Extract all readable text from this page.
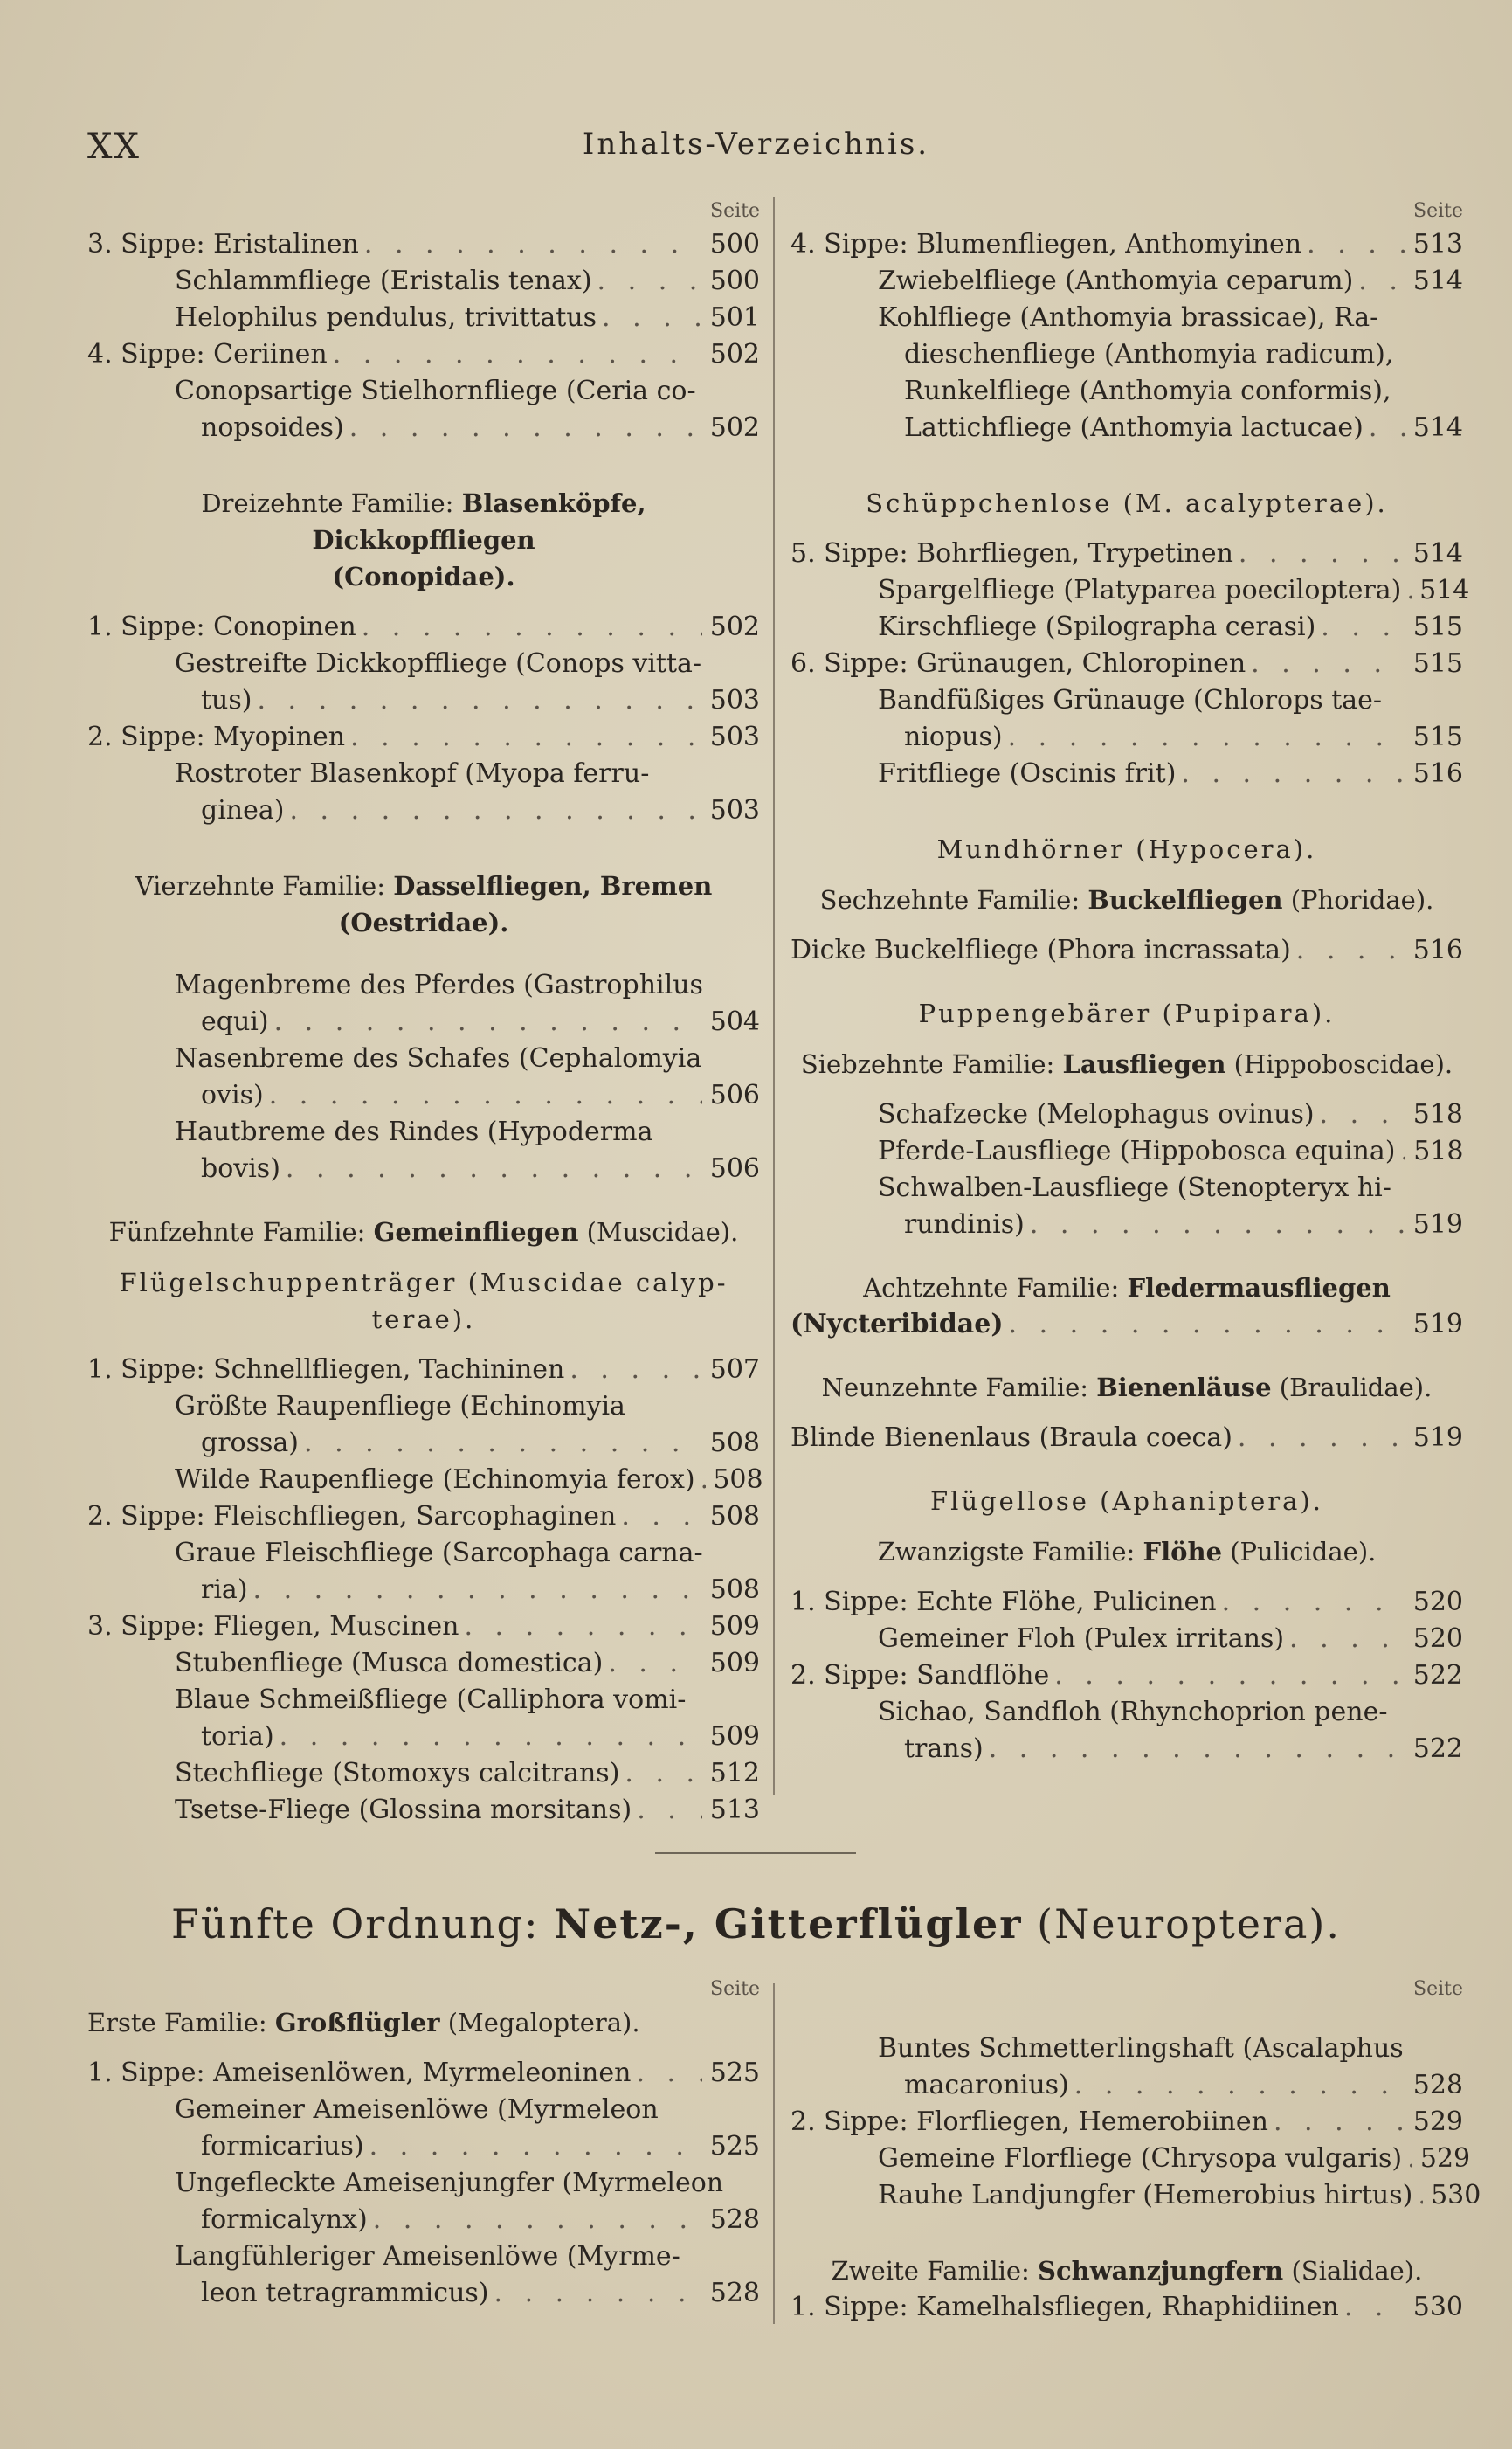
XX	Inhalts-Verzeichnis.
Seite
3. Sippe: Eristalinen . . .	500
Schlammfliege (Eristalis tenax) . . .	500
Helophilus pendulus, trivittatus . . .	501
4. Sippe: Ceriinen . . .	502
Conopsartige Stielhornfliege (Ceria co-
nopsoides) . . .	502
Dreizehnte Familie: Blasenköpfe, Dickkopffliegen
(Conopidae).
1. Sippe: Conopinen . . .	502
Gestreifte Dickkopffliege (Conops vitta-
tus) . . .	503
2. Sippe: Myopinen . . .	503
Rostroter Blasenkopf (Myopa ferru-
ginea) . . .	503
Vierzehnte Familie: Dasselfliegen, Bremen
(Oestridae).
Magenbreme des Pferdes (Gastrophilus
equi) . . .	504
Nasenbreme des Schafes (Cephalomyia
ovis) . . .	506
Hautbreme des Rindes (Hypoderma
bovis) . . .	506
Fünfzehnte Familie: Gemeinfliegen (Muscidae).
Flügelschuppenträger (Muscidae calyp-
terae).
1. Sippe: Schnellfliegen, Tachininen . . .	507
Größte Raupenfliege (Echinomyia
grossa) . . .	508
Wilde Raupenfliege (Echinomyia ferox) . . . 508
2. Sippe: Fleischfliegen, Sarcophaginen . . .	508
Graue Fleischfliege (Sarcophaga carna-
ria) . . .	508
3. Sippe: Fliegen, Muscinen . . .	509
Stubenfliege (Musca domestica) . . .	509
Blaue Schmeißfliege (Calliphora vomi-
toria) . . .	509
Stechfliege (Stomoxys calcitrans) . . .	512
Tsetse-Fliege (Glossina morsitans) . . .	513
Seite
4. Sippe: Blumenfliegen, Anthomyinen . . .	513
Zwiebelfliege (Anthomyia ceparum) . . . 514
Kohlfliege (Anthomyia brassicae), Ra-
dieschenfliege (Anthomyia radicum),
Runkelfliege (Anthomyia conformis),
Lattichfliege (Anthomyia lactucae) . . . 514
Schüppchenlose (M. acalypterae).
5. Sippe: Bohrfliegen, Trypetinen . . .	514
Spargelfliege (Platyparea poeciloptera) . . . 514
Kirschfliege (Spilographa cerasi) . . .	515
6. Sippe: Grünaugen, Chloropinen . . .	515
Bandfüßiges Grünauge (Chlorops tae-
niopus) . . .	515
Fritfliege (Oscinis frit) . . .	516
Mundhörner (Hypocera).
Sechzehnte Familie: Buckelfliegen (Phoridae).
Dicke Buckelfliege (Phora incrassata) . . .	516
Puppengebärer (Pupipara).
Siebzehnte Familie: Lausfliegen (Hippoboscidae).
Schafzecke (Melophagus ovinus) . . .	518
Pferde-Lausfliege (Hippobosca equina) . . . 518
Schwalben-Lausfliege (Stenopteryx hi-
rundinis) . . .	519
Achtzehnte Familie: Fledermausfliegen
(Nycteribidae) . . .	519
Neunzehnte Familie: Bienenläuse (Braulidae).
Blinde Bienenlaus (Braula coeca) . . .	519
Flügellose (Aphaniptera).
Zwanzigste Familie: Flöhe (Pulicidae).
1. Sippe: Echte Flöhe, Pulicinen . . .	520
Gemeiner Floh (Pulex irritans) . . .	520
2. Sippe: Sandflöhe . . .	522
Sichao, Sandfloh (Rhynchoprion pene-
trans) . . .	522
Fünfte Ordnung: Netz-, Gitterflügler (Neuroptera).
Seite
Erste Familie: Großflügler (Megaloptera).
1. Sippe: Ameisenlöwen, Myrmeleoninen . . .	525
Gemeiner Ameisenlöwe (Myrmeleon
formicarius) . . .	525
Ungefleckte Ameisenjungfer (Myrmeleon
formicalynx) . . .	528
Langfühleriger Ameisenlöwe (Myrme-
leon tetragrammicus) . . .	528
Seite
Buntes Schmetterlingshaft (Ascalaphus
macaronius) . . .	528
2. Sippe: Florfliegen, Hemerobiinen . . .	529
Gemeine Florfliege (Chrysopa vulgaris) . . . 529
Rauhe Landjungfer (Hemerobius hirtus) . . . 530
Zweite Familie: Schwanzjungfern (Sialidae).
1. Sippe: Kamelhalsfliegen, Rhaphidiinen . . .	530
